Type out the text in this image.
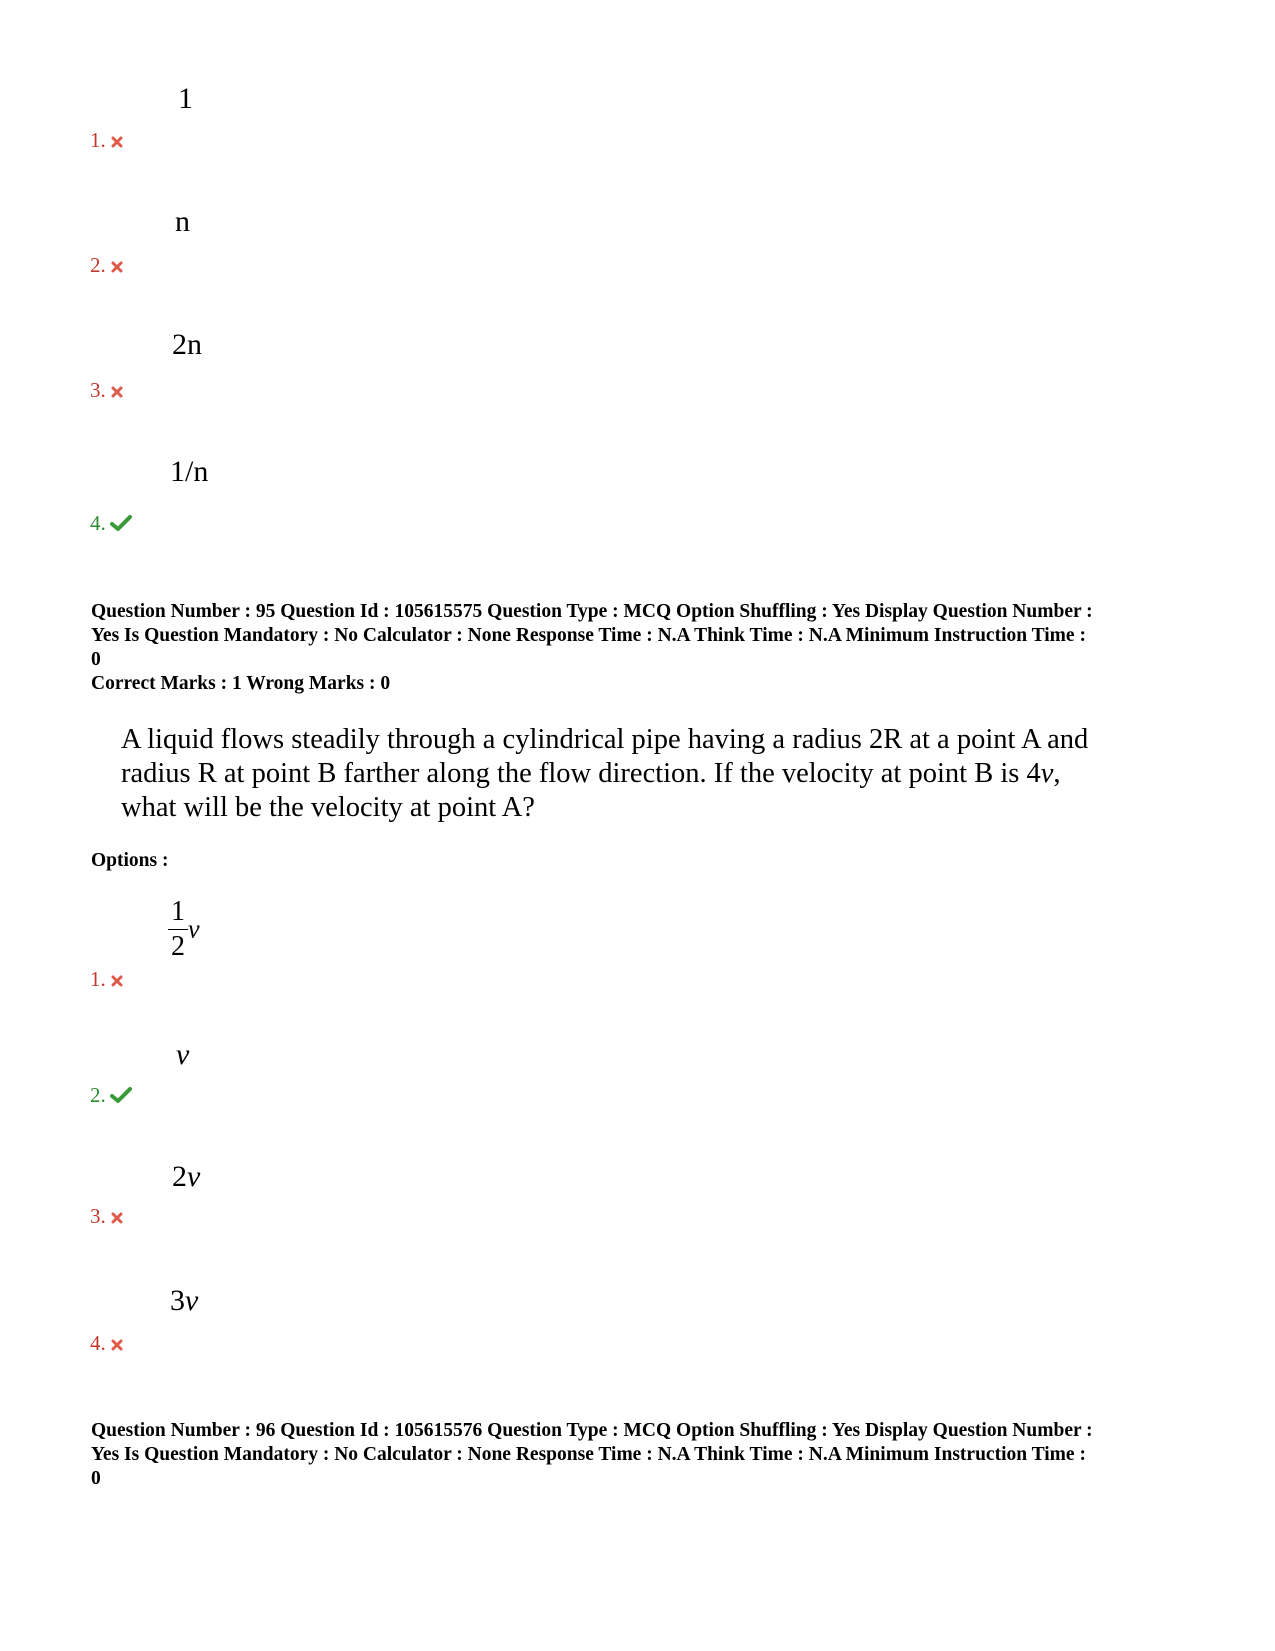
1
1.
n
2.
2n
3.
1/n
4.
Question Number : 95 Question Id : 105615575 Question Type : MCQ Option Shuffling : Yes Display Question Number :
Yes Is Question Mandatory : No Calculator : None Response Time : N.A Think Time : N.A Minimum Instruction Time :
0
Correct Marks : 1 Wrong Marks : 0
A liquid flows steadily through a cylindrical pipe having a radius 2R at a point A and
radius R at point B farther along the flow direction. If the velocity at point B is 4ν,
what will be the velocity at point A?
Options :
$\frac{1}{2}$ ν
1.
ν
2.
2ν
3.
3ν
4.
Question Number : 96 Question Id : 105615576 Question Type : MCQ Option Shuffling : Yes Display Question Number :
Yes Is Question Mandatory : No Calculator : None Response Time : N.A Think Time : N.A Minimum Instruction Time :
0
